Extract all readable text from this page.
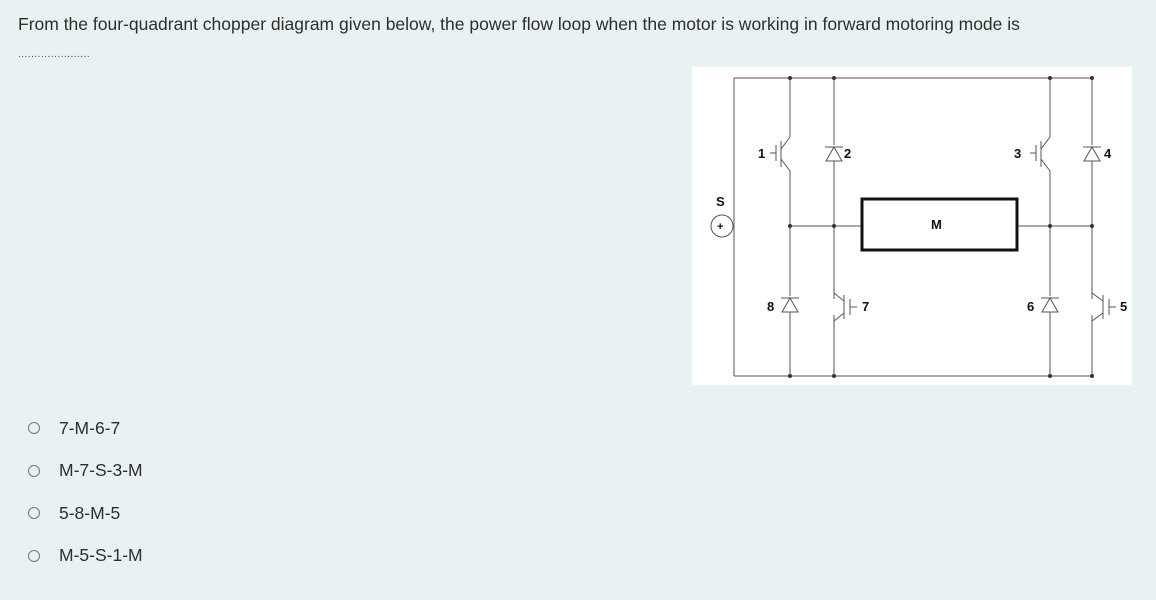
From the four-quadrant chopper diagram given below, the power flow loop when the motor is working in forward motoring mode is
......................
S
+	M
1	2	3	4
5
6
7
8
7-M-6-7
M-7-S-3-M
5-8-M-5
M-5-S-1-M
